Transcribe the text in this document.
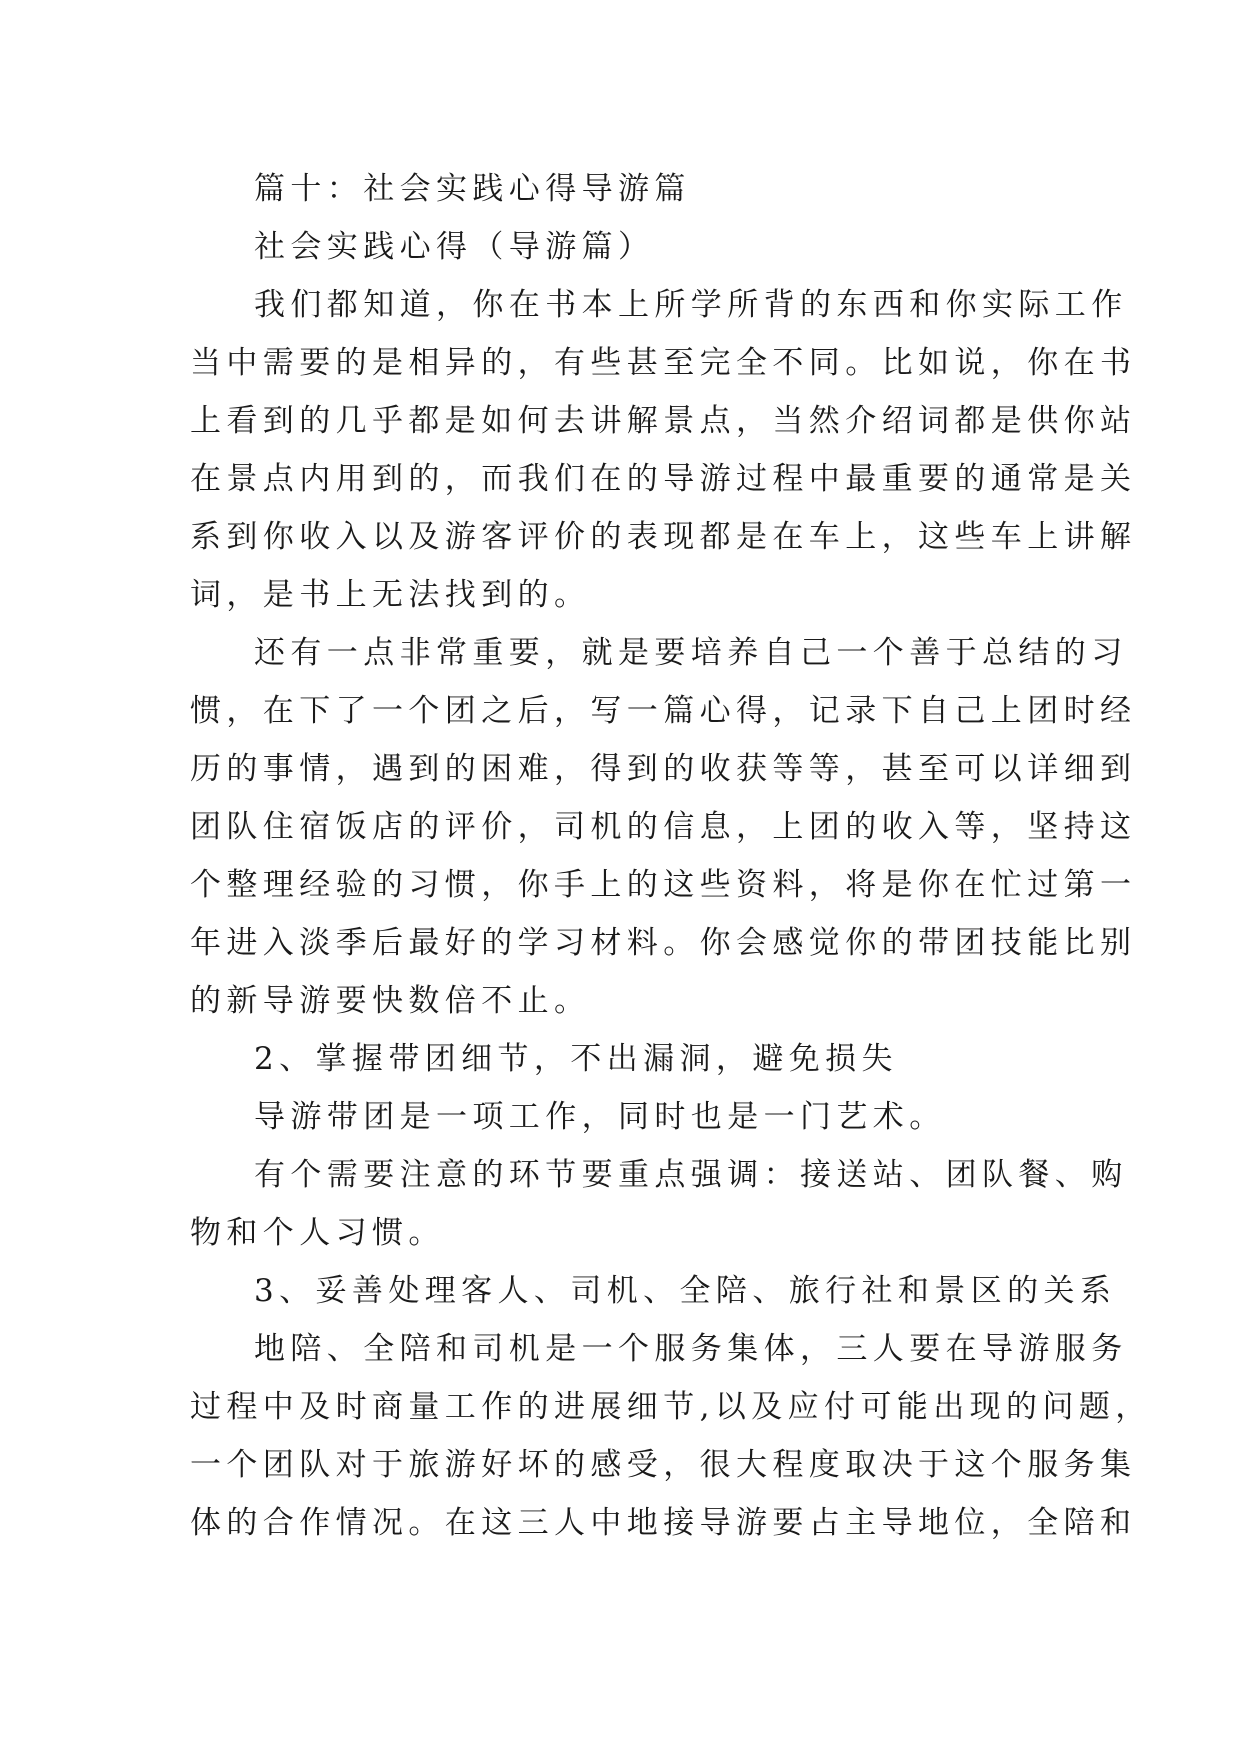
篇十：社会实践心得导游篇
社会实践心得（导游篇）
我们都知道，你在书本上所学所背的东西和你实际工作
当中需要的是相异的，有些甚至完全不同。比如说，你在书
上看到的几乎都是如何去讲解景点，当然介绍词都是供你站
在景点内用到的，而我们在的导游过程中最重要的通常是关
系到你收入以及游客评价的表现都是在车上，这些车上讲解
词，是书上无法找到的。
还有一点非常重要，就是要培养自己一个善于总结的习
惯，在下了一个团之后，写一篇心得，记录下自己上团时经
历的事情，遇到的困难，得到的收获等等，甚至可以详细到
团队住宿饭店的评价，司机的信息，上团的收入等，坚持这
个整理经验的习惯，你手上的这些资料，将是你在忙过第一
年进入淡季后最好的学习材料。你会感觉你的带团技能比别
的新导游要快数倍不止。
2、掌握带团细节，不出漏洞，避免损失
导游带团是一项工作，同时也是一门艺术。
有个需要注意的环节要重点强调：接送站、团队餐、购
物和个人习惯。
3、妥善处理客人、司机、全陪、旅行社和景区的关系
地陪、全陪和司机是一个服务集体，三人要在导游服务
过程中及时商量工作的进展细节,以及应付可能出现的问题，
一个团队对于旅游好坏的感受，很大程度取决于这个服务集
体的合作情况。在这三人中地接导游要占主导地位，全陪和
